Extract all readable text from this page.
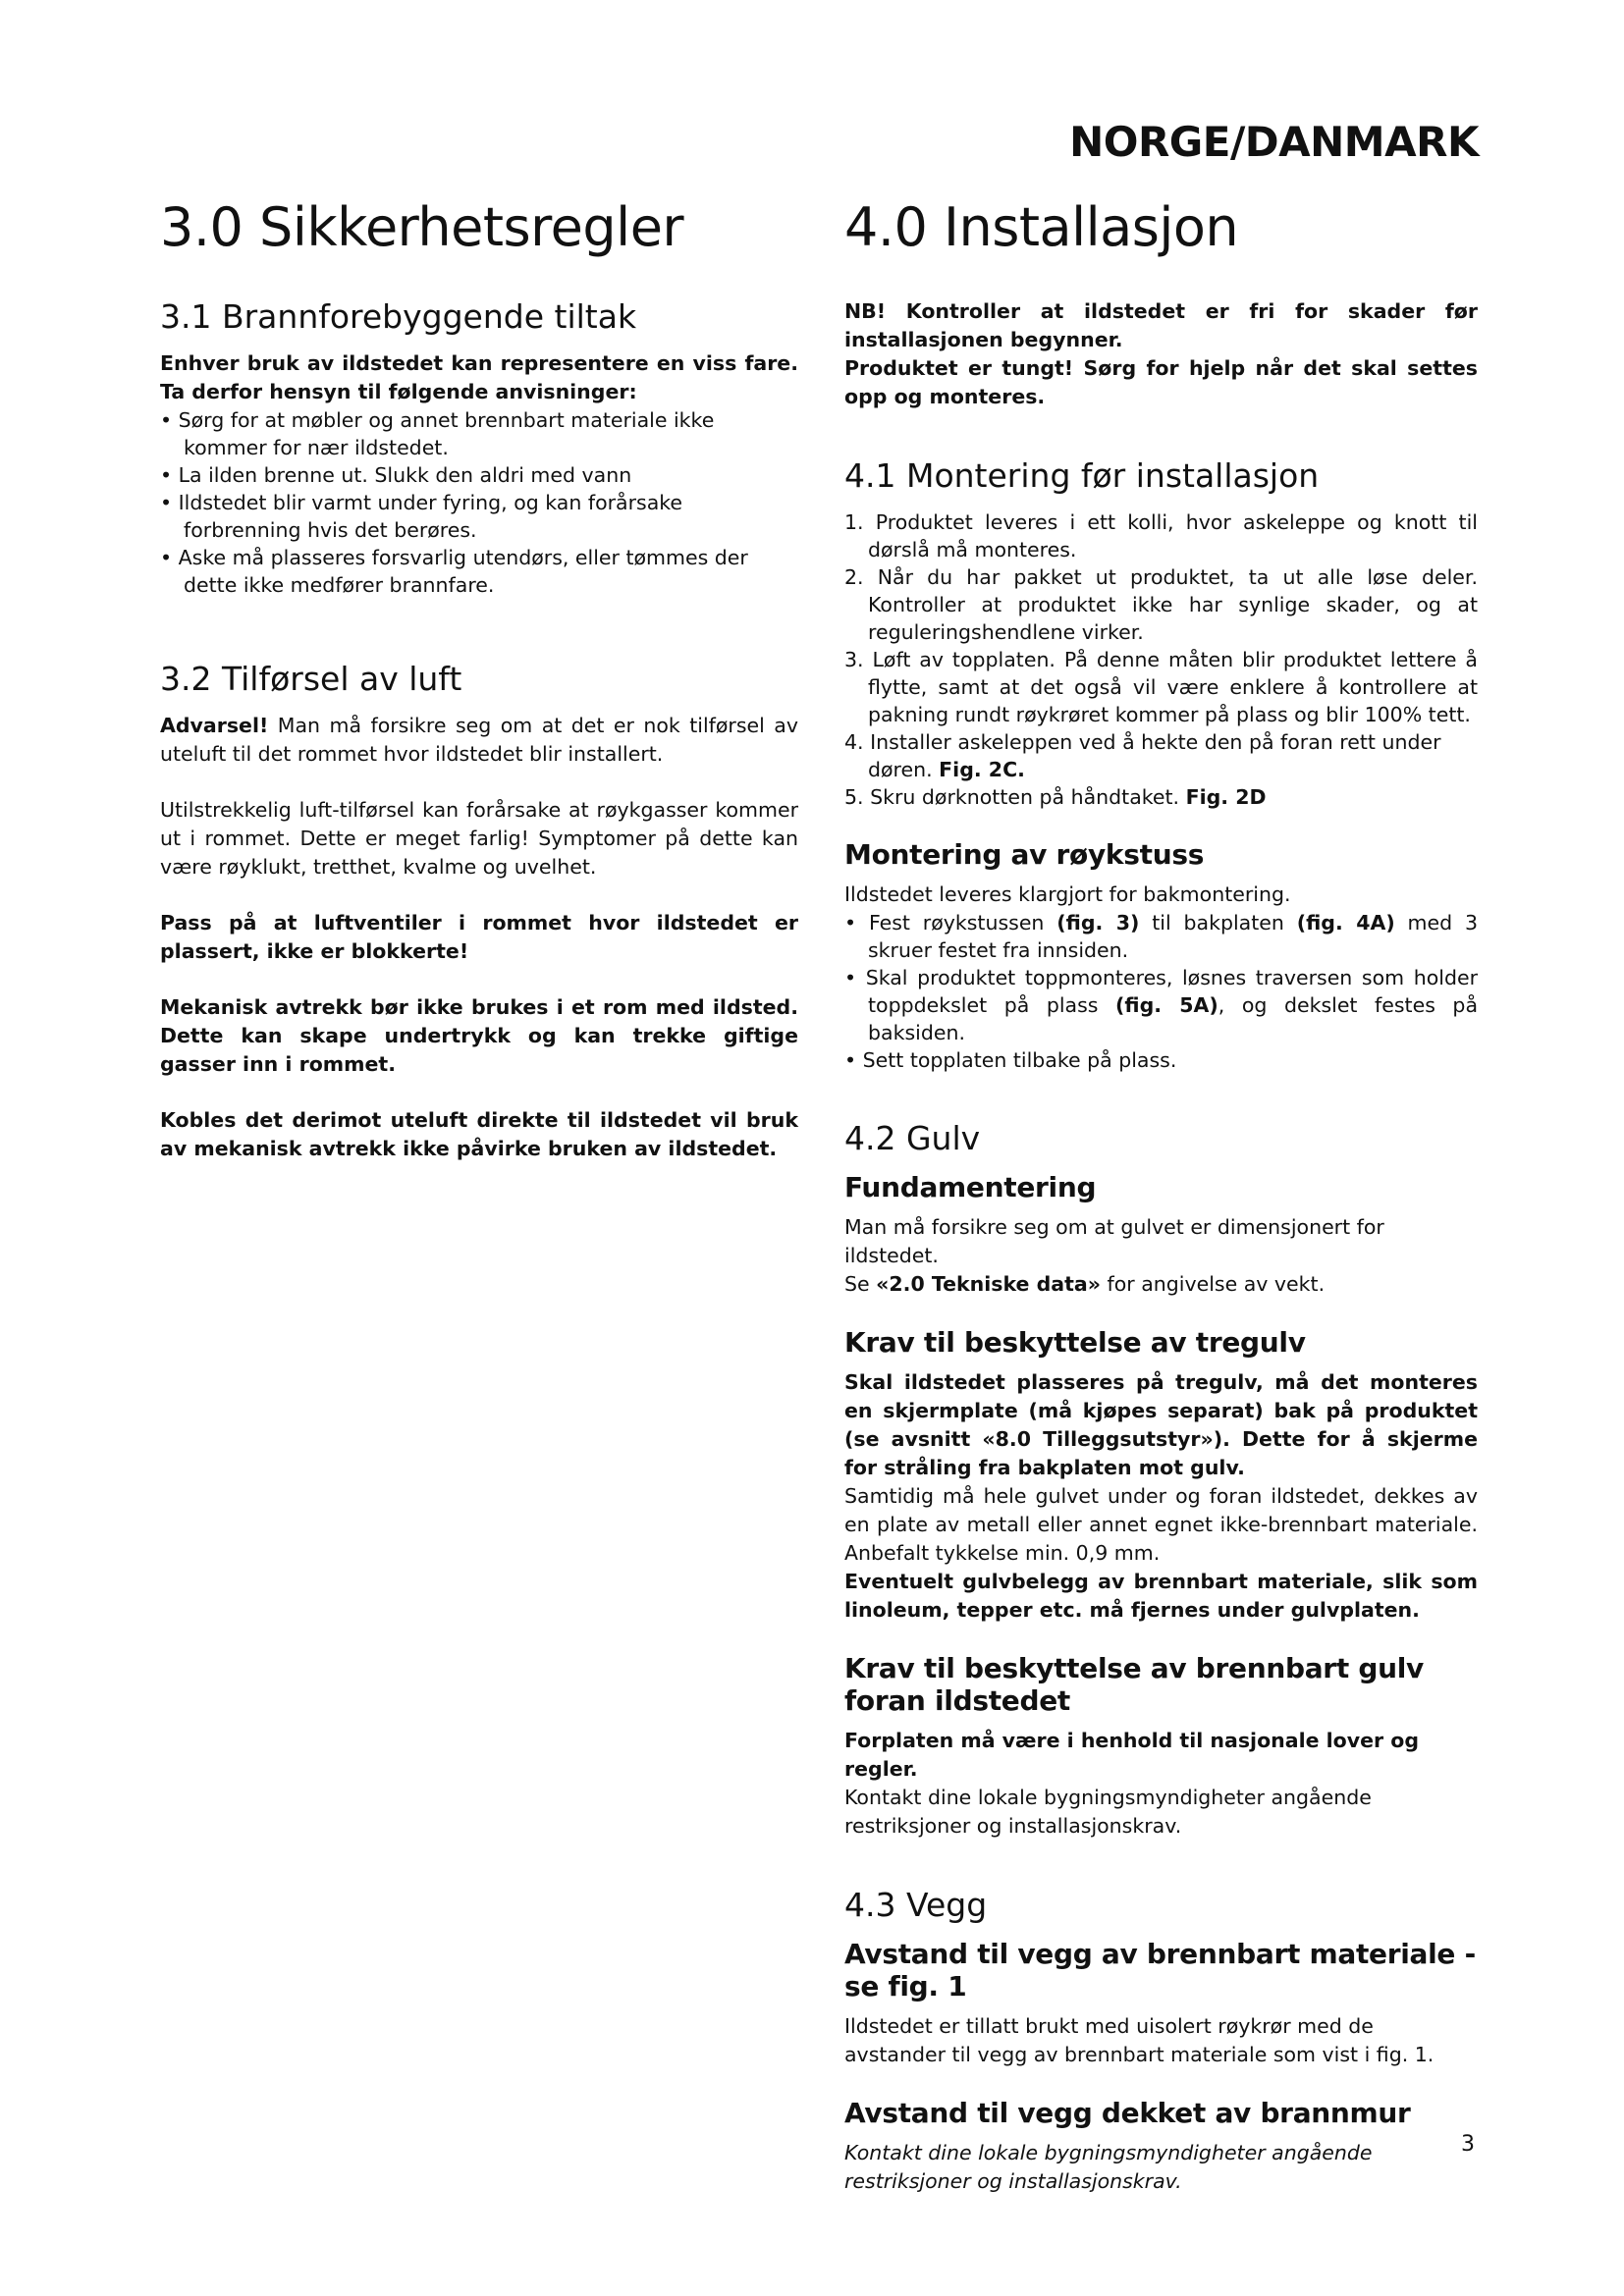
NORGE/DANMARK

3.0 Sikkerhetsregler
3.1 Brannforebyggende tiltak

Enhver bruk av ildstedet kan representere en viss fare. Ta derfor hensyn til følgende anvisninger:

• Sørg for at møbler og annet brennbart materiale ikke kommer for nær ildstedet.
• La ilden brenne ut. Slukk den aldri med vann
• Ildstedet blir varmt under fyring, og kan forårsake forbrenning hvis det berøres.
• Aske må plasseres forsvarlig utendørs, eller tømmes der dette ikke medfører brannfare.
3.2 Tilførsel av luft

Advarsel! Man må forsikre seg om at det er nok tilførsel av uteluft til det rommet hvor ildstedet blir installert.

Utilstrekkelig luft-tilførsel kan forårsake at røykgasser kommer ut i rommet. Dette er meget farlig! Symptomer på dette kan være røyklukt, tretthet, kvalme og uvelhet.

Pass på at luftventiler i rommet hvor ildstedet er plassert, ikke er blokkerte!

Mekanisk avtrekk bør ikke brukes i et rom med ildsted. Dette kan skape undertrykk og kan trekke giftige gasser inn i rommet.

Kobles det derimot uteluft direkte til ildstedet vil bruk av mekanisk avtrekk ikke påvirke bruken av ildstedet.

4.0 Installasjon

NB! Kontroller at ildstedet er fri for skader før installasjonen begynner.

Produktet er tungt! Sørg for hjelp når det skal settes opp og monteres.

4.1 Montering før installasjon
1. Produktet leveres i ett kolli, hvor askeleppe og knott til dørslå må monteres.
2. Når du har pakket ut produktet, ta ut alle løse deler. Kontroller at produktet ikke har synlige skader, og at reguleringshendlene virker.
3. Løft av topplaten. På denne måten blir produktet lettere å flytte, samt at det også vil være enklere å kontrollere at pakning rundt røykrøret kommer på plass og blir 100% tett.
4. Installer askeleppen ved å hekte den på foran rett under døren. Fig. 2C.
5. Skru dørknotten på håndtaket. Fig. 2D
Montering av røykstuss

Ildstedet leveres klargjort for bakmontering.

• Fest røykstussen (fig. 3) til bakplaten (fig. 4A) med 3 skruer festet fra innsiden.
• Skal produktet toppmonteres, løsnes traversen som holder toppdekslet på plass (fig. 5A), og dekslet festes på baksiden.
• Sett topplaten tilbake på plass.
4.2 Gulv
Fundamentering

Man må forsikre seg om at gulvet er dimensjonert for ildstedet.

Se «2.0 Tekniske data» for angivelse av vekt.

Krav til beskyttelse av tregulv

Skal ildstedet plasseres på tregulv, må det monteres en skjermplate (må kjøpes separat) bak på produktet (se avsnitt «8.0 Tilleggsutstyr»). Dette for å skjerme for stråling fra bakplaten mot gulv.

Samtidig må hele gulvet under og foran ildstedet, dekkes av en plate av metall eller annet egnet ikke-brennbart materiale. Anbefalt tykkelse min. 0,9 mm.

Eventuelt gulvbelegg av brennbart materiale, slik som linoleum, tepper etc. må fjernes under gulvplaten.

Krav til beskyttelse av brennbart gulv foran ildstedet

Forplaten må være i henhold til nasjonale lover og regler.

Kontakt dine lokale bygningsmyndigheter angående restriksjoner og installasjonskrav.

4.3 Vegg
Avstand til vegg av brennbart materiale - se fig. 1

Ildstedet er tillatt brukt med uisolert røykrør med de avstander til vegg av brennbart materiale som vist i fig. 1.

Avstand til vegg dekket av brannmur

Kontakt dine lokale bygningsmyndigheter angående restriksjoner og installasjonskrav.

3
